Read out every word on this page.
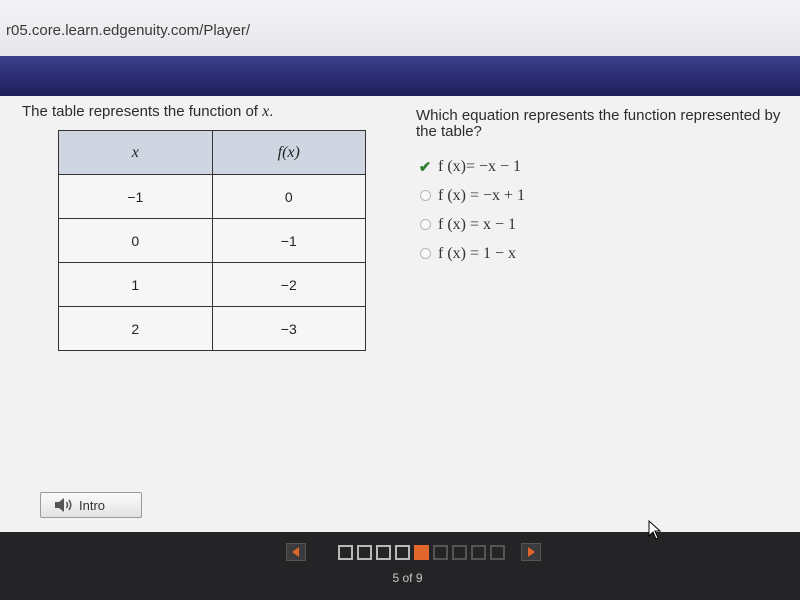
r05.core.learn.edgenuity.com/Player/
The table represents the function of x.
x	f(x)
−1	0
0	−1
1	−2
2	−3
Which equation represents the function represented by the table?
✔ f (x)= −x − 1
f (x) = −x + 1
f (x) = x − 1
f (x) = 1 − x
Intro
5 of 9
